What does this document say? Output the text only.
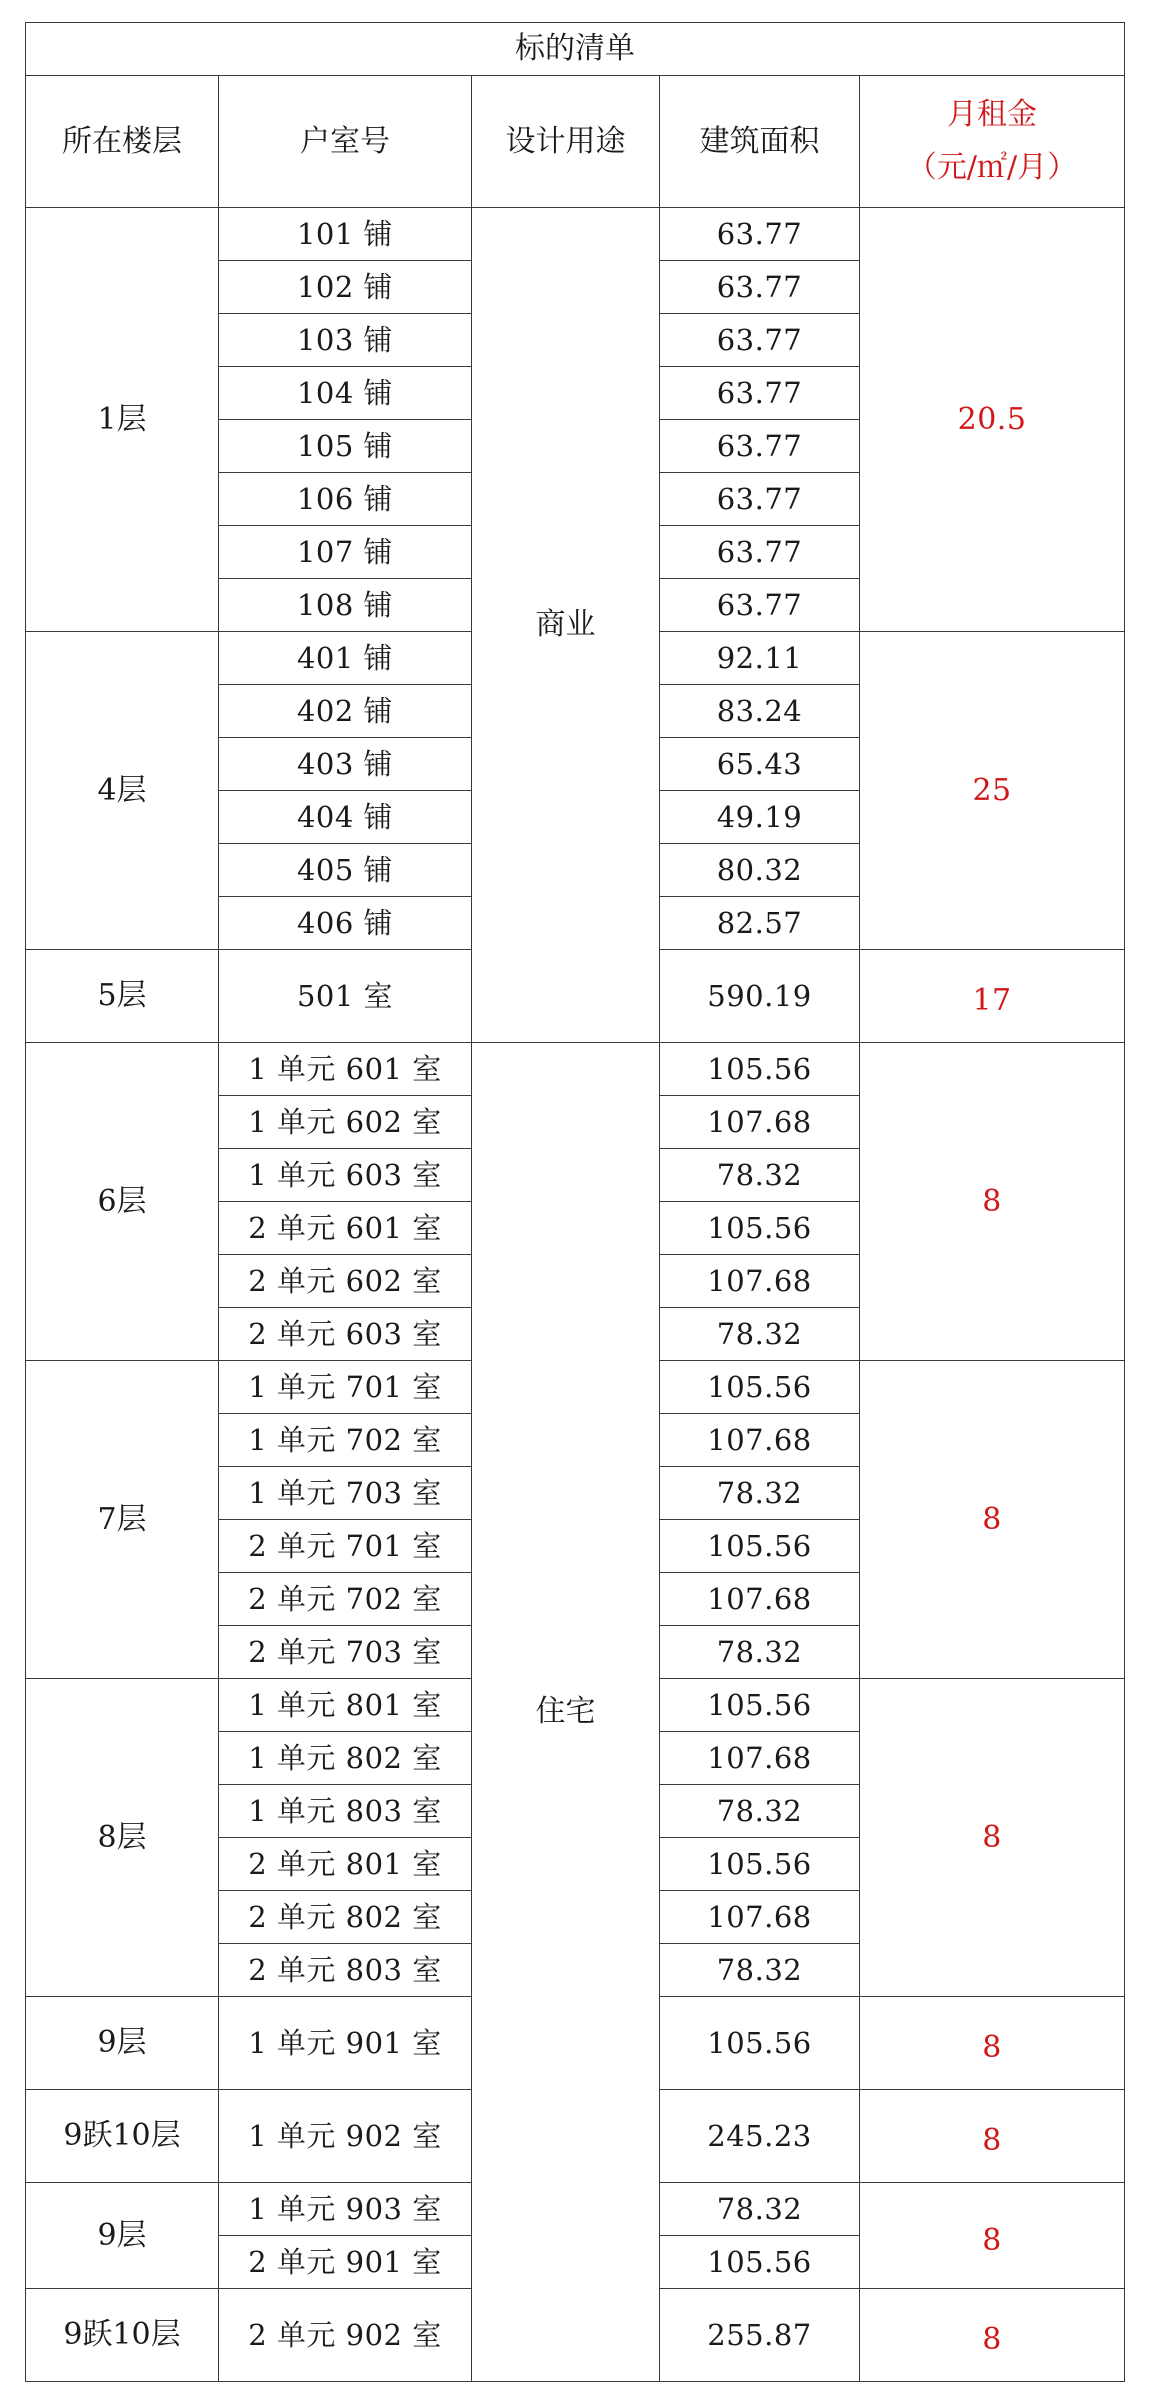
标的清单				
所在楼层	户室号	设计用途	建筑面积	月租金
（元/㎡/月）

1层	101 铺	商业	63.77	20.5
	102 铺		63.77	
	103 铺		63.77	
	104 铺		63.77	
	105 铺		63.77	
	106 铺		63.77	
	107 铺		63.77	
	108 铺		63.77	
4层	401 铺		92.11	25
	402 铺		83.24	
	403 铺		65.43	
	404 铺		49.19	
	405 铺		80.32	
	406 铺		82.57	
5层	501 室		590.19	17
6层	1 单元 601 室	住宅	105.56	8
	1 单元 602 室		107.68	
	1 单元 603 室		78.32	
	2 单元 601 室		105.56	
	2 单元 602 室		107.68	
	2 单元 603 室		78.32	
7层	1 单元 701 室		105.56	8
	1 单元 702 室		107.68	
	1 单元 703 室		78.32	
	2 单元 701 室		105.56	
	2 单元 702 室		107.68	
	2 单元 703 室		78.32	
8层	1 单元 801 室		105.56	8
	1 单元 802 室		107.68	
	1 单元 803 室		78.32	
	2 单元 801 室		105.56	
	2 单元 802 室		107.68	
	2 单元 803 室		78.32	
9层	1 单元 901 室		105.56	8
9跃10层	1 单元 902 室		245.23	8
9层	1 单元 903 室		78.32	8
	2 单元 901 室		105.56	
9跃10层	2 单元 902 室		255.87	8
